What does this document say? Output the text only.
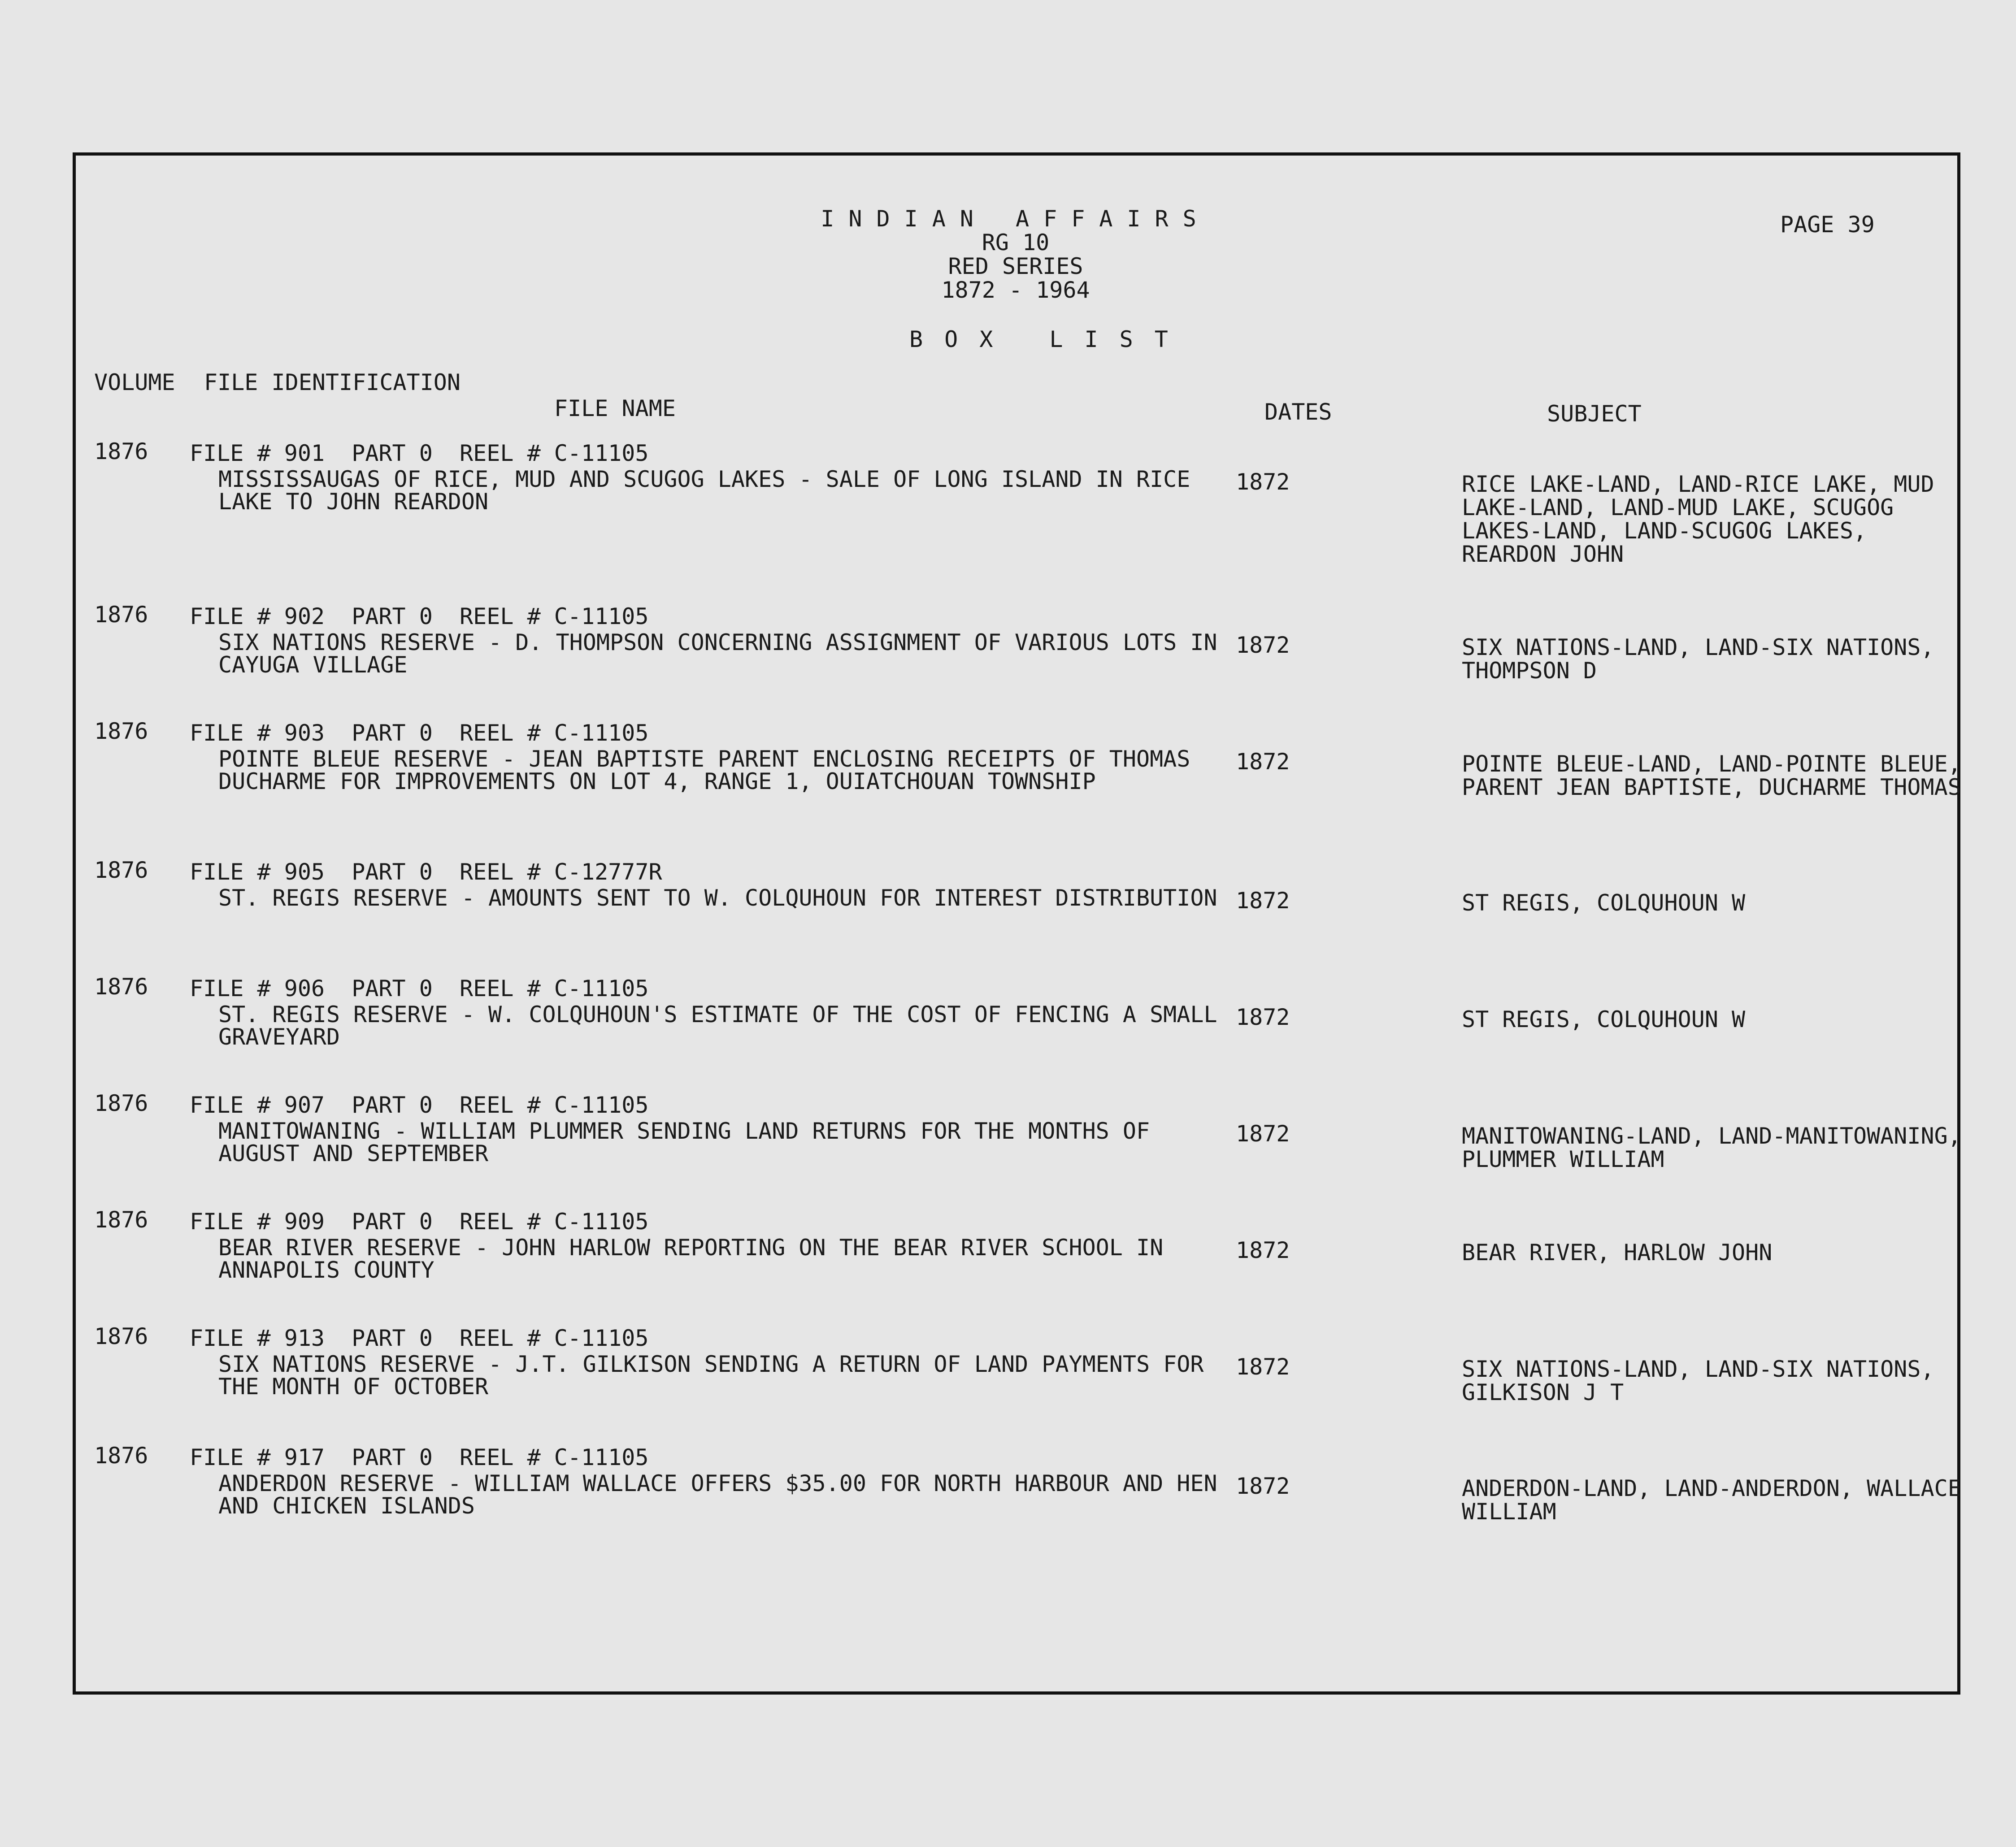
INDIAN AFFAIRS
RG 10
RED SERIES
1872 - 1964
PAGE 39
BOX LIST
VOLUME FILE IDENTIFICATION
FILE NAME	DATES	SUBJECT
1876 FILE # 901  PART 0  REEL # C-11105
MISSISSAUGAS OF RICE, MUD AND SCUGOG LAKES - SALE OF LONG ISLAND IN RICE LAKE TO JOHN REARDON
1872	RICE LAKE-LAND, LAND-RICE LAKE, MUD LAKE-LAND, LAND-MUD LAKE, SCUGOG LAKES-LAND, LAND-SCUGOG LAKES, REARDON JOHN
1876 FILE # 902  PART 0  REEL # C-11105
SIX NATIONS RESERVE - D. THOMPSON CONCERNING ASSIGNMENT OF VARIOUS LOTS IN CAYUGA VILLAGE
1872	SIX NATIONS-LAND, LAND-SIX NATIONS, THOMPSON D
1876 FILE # 903  PART 0  REEL # C-11105
POINTE BLEUE RESERVE - JEAN BAPTISTE PARENT ENCLOSING RECEIPTS OF THOMAS DUCHARME FOR IMPROVEMENTS ON LOT 4, RANGE 1, OUIATCHOUAN TOWNSHIP
1872	POINTE BLEUE-LAND, LAND-POINTE BLEUE, PARENT JEAN BAPTISTE, DUCHARME THOMAS
1876 FILE # 905  PART 0  REEL # C-12777R
ST. REGIS RESERVE - AMOUNTS SENT TO W. COLQUHOUN FOR INTEREST DISTRIBUTION 1872	ST REGIS, COLQUHOUN W
1876 FILE # 906  PART 0  REEL # C-11105
ST. REGIS RESERVE - W. COLQUHOUN'S ESTIMATE OF THE COST OF FENCING A SMALL GRAVEYARD
1872	ST REGIS, COLQUHOUN W
1876 FILE # 907  PART 0  REEL # C-11105
MANITOWANING - WILLIAM PLUMMER SENDING LAND RETURNS FOR THE MONTHS OF AUGUST AND SEPTEMBER
1872	MANITOWANING-LAND, LAND-MANITOWANING, PLUMMER WILLIAM
1876 FILE # 909  PART 0  REEL # C-11105
BEAR RIVER RESERVE - JOHN HARLOW REPORTING ON THE BEAR RIVER SCHOOL IN ANNAPOLIS COUNTY
1872	BEAR RIVER, HARLOW JOHN
1876 FILE # 913  PART 0  REEL # C-11105
SIX NATIONS RESERVE - J.T. GILKISON SENDING A RETURN OF LAND PAYMENTS FOR THE MONTH OF OCTOBER
1872	SIX NATIONS-LAND, LAND-SIX NATIONS, GILKISON J T
1876 FILE # 917  PART 0  REEL # C-11105
ANDERDON RESERVE - WILLIAM WALLACE OFFERS $35.00 FOR NORTH HARBOUR AND HEN AND CHICKEN ISLANDS
1872	ANDERDON-LAND, LAND-ANDERDON, WALLACE WILLIAM
